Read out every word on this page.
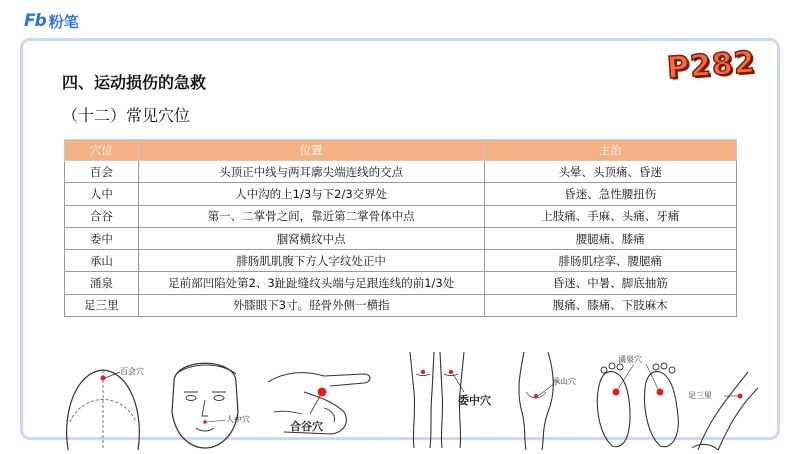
Fb 粉笔
P282
四、运动损伤的急救
（十二）常见穴位
穴位	位置	主治
百会	头顶正中线与两耳廓尖端连线的交点	头晕、头顶痛、昏迷
人中	人中沟的上1/3与下2/3交界处	昏迷、急性腰扭伤
合谷	第一、二掌骨之间，靠近第二掌骨体中点	上肢痛、手麻、头痛、牙痛
委中	腘窝横纹中点	腰腿痛、膝痛
承山	腓肠肌肌腹下方人字纹处正中	腓肠肌痉挛、腰腿痛
涌泉	足前部凹陷处第2、3趾趾缝纹头端与足跟连线的前1/3处	昏迷、中暑、脚底抽筋
足三里	外膝眼下3寸。胫骨外侧一横指	腹痛、膝痛、下肢麻木
百会穴
人中穴
合谷穴
委中穴
承山穴
涌泉穴
足三里
